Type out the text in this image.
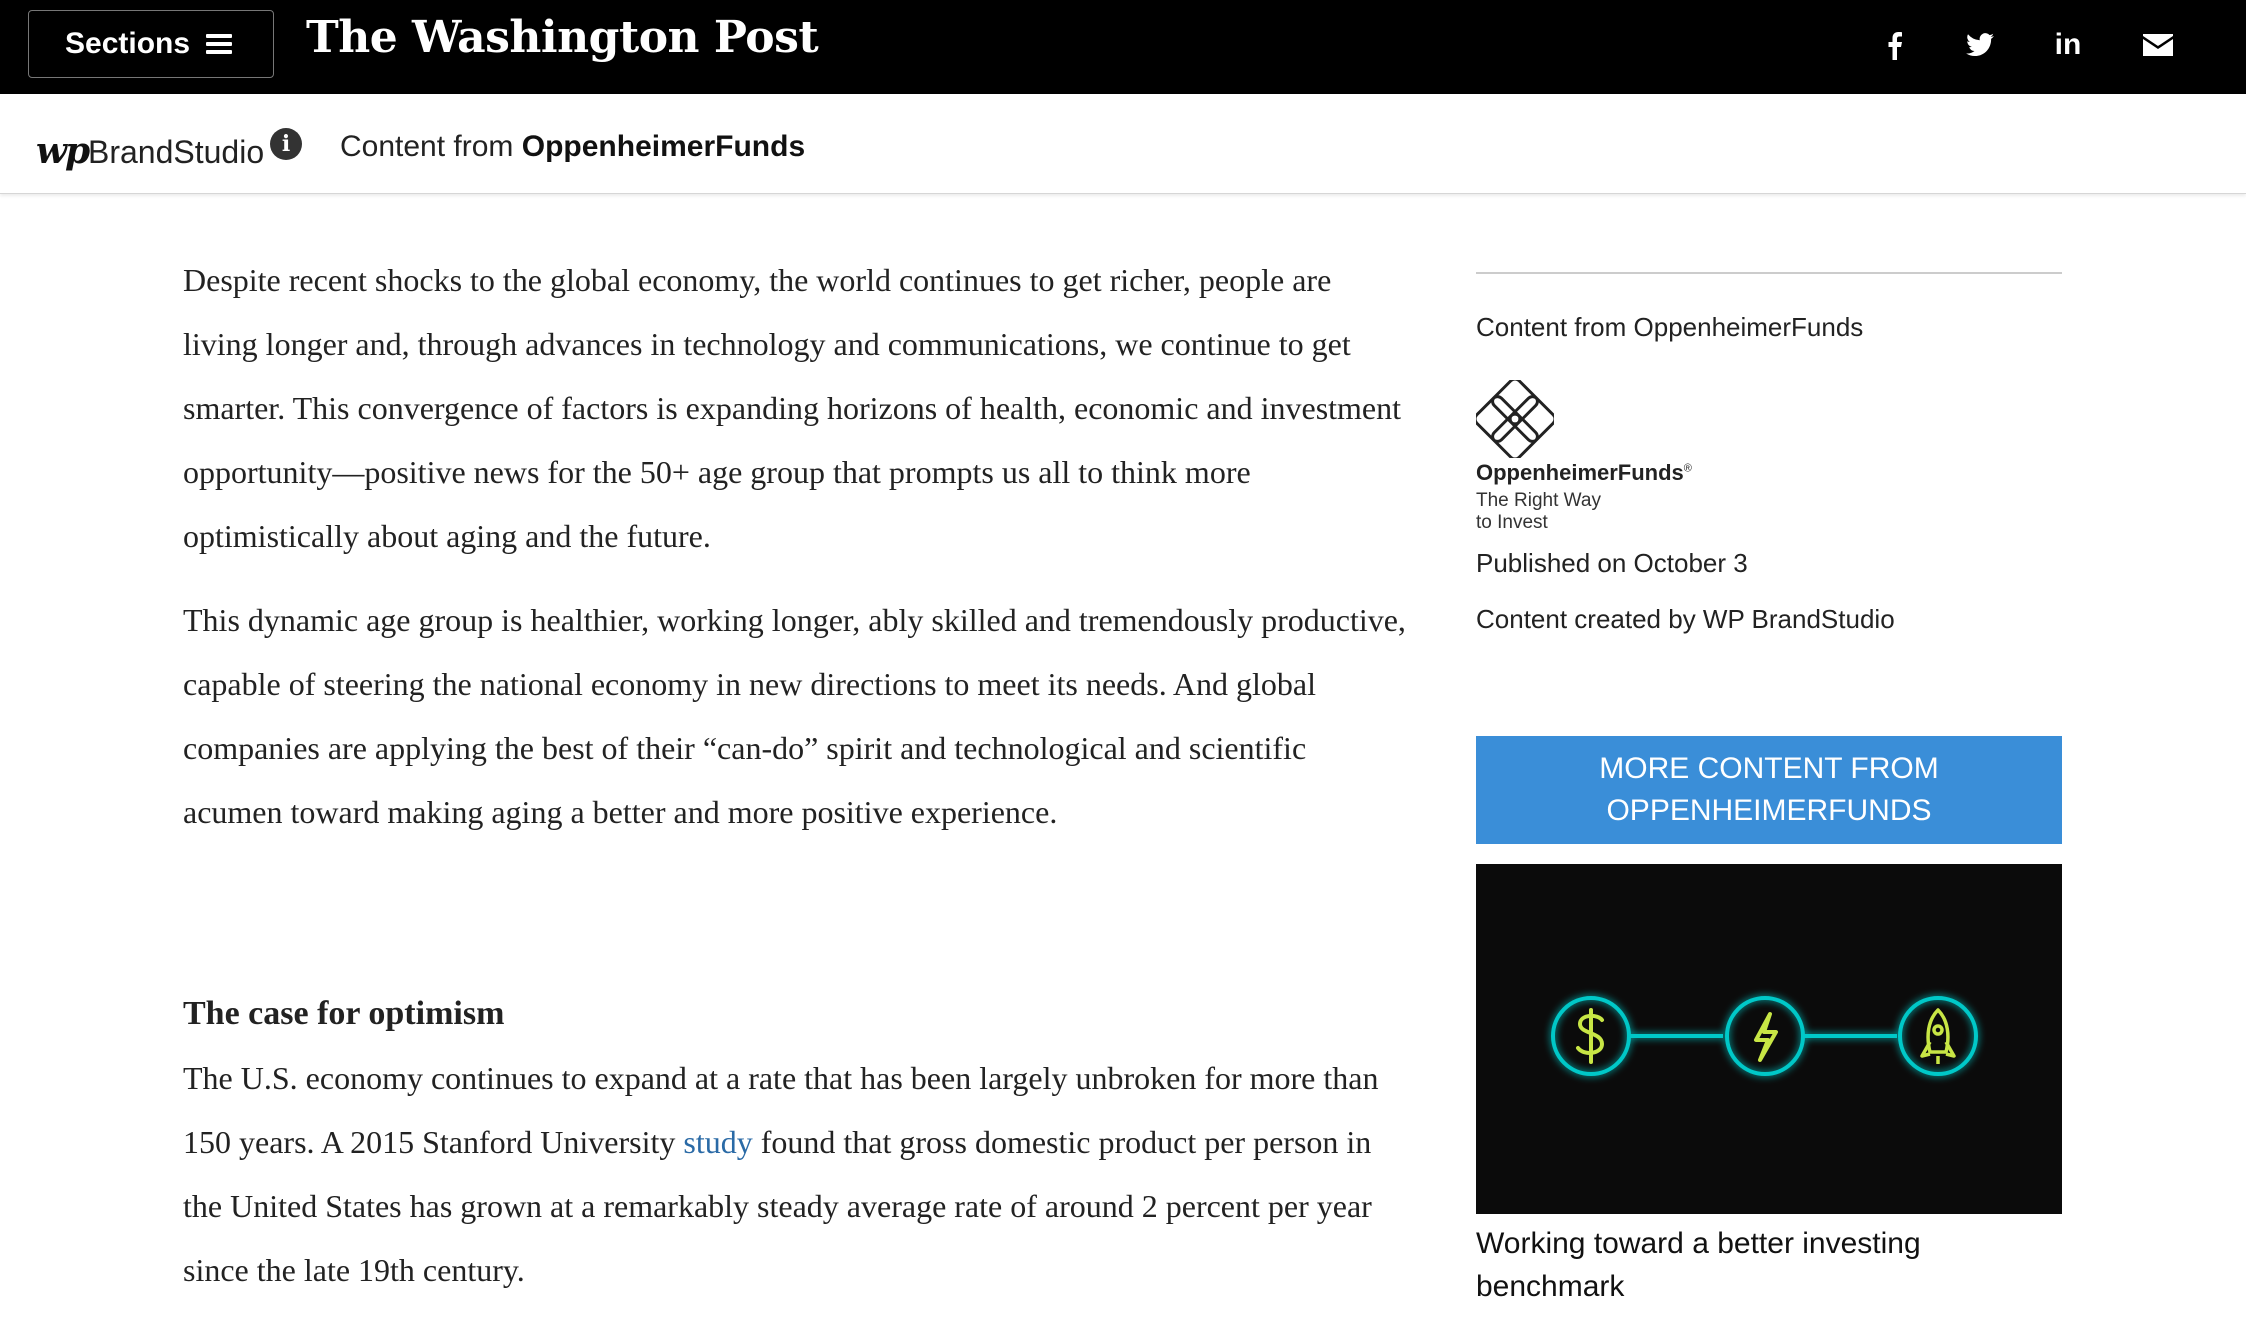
Sections	The Washington Post	in
wp BrandStudio i	Content from OppenheimerFunds

Despite recent shocks to the global economy, the world continues to get richer, people are living longer and, through advances in technology and communications, we continue to get smarter. This convergence of factors is expanding horizons of health, economic and investment opportunity—positive news for the 50+ age group that prompts us all to think more optimistically about aging and the future.

This dynamic age group is healthier, working longer, ably skilled and tremendously productive, capable of steering the national economy in new directions to meet its needs. And global companies are applying the best of their “can-do” spirit and technological and scientific acumen toward making aging a better and more positive experience.

The case for optimism

The U.S. economy continues to expand at a rate that has been largely unbroken for more than 150 years. A 2015 Stanford University study found that gross domestic product per person in the United States has grown at a remarkably steady average rate of around 2 percent per year since the late 19th century.

Content from OppenheimerFunds
OppenheimerFunds®
The Right Way
to Invest
Published on October 3
Content created by WP BrandStudio
MORE CONTENT FROM
OPPENHEIMERFUNDS
Working toward a better investing benchmark
